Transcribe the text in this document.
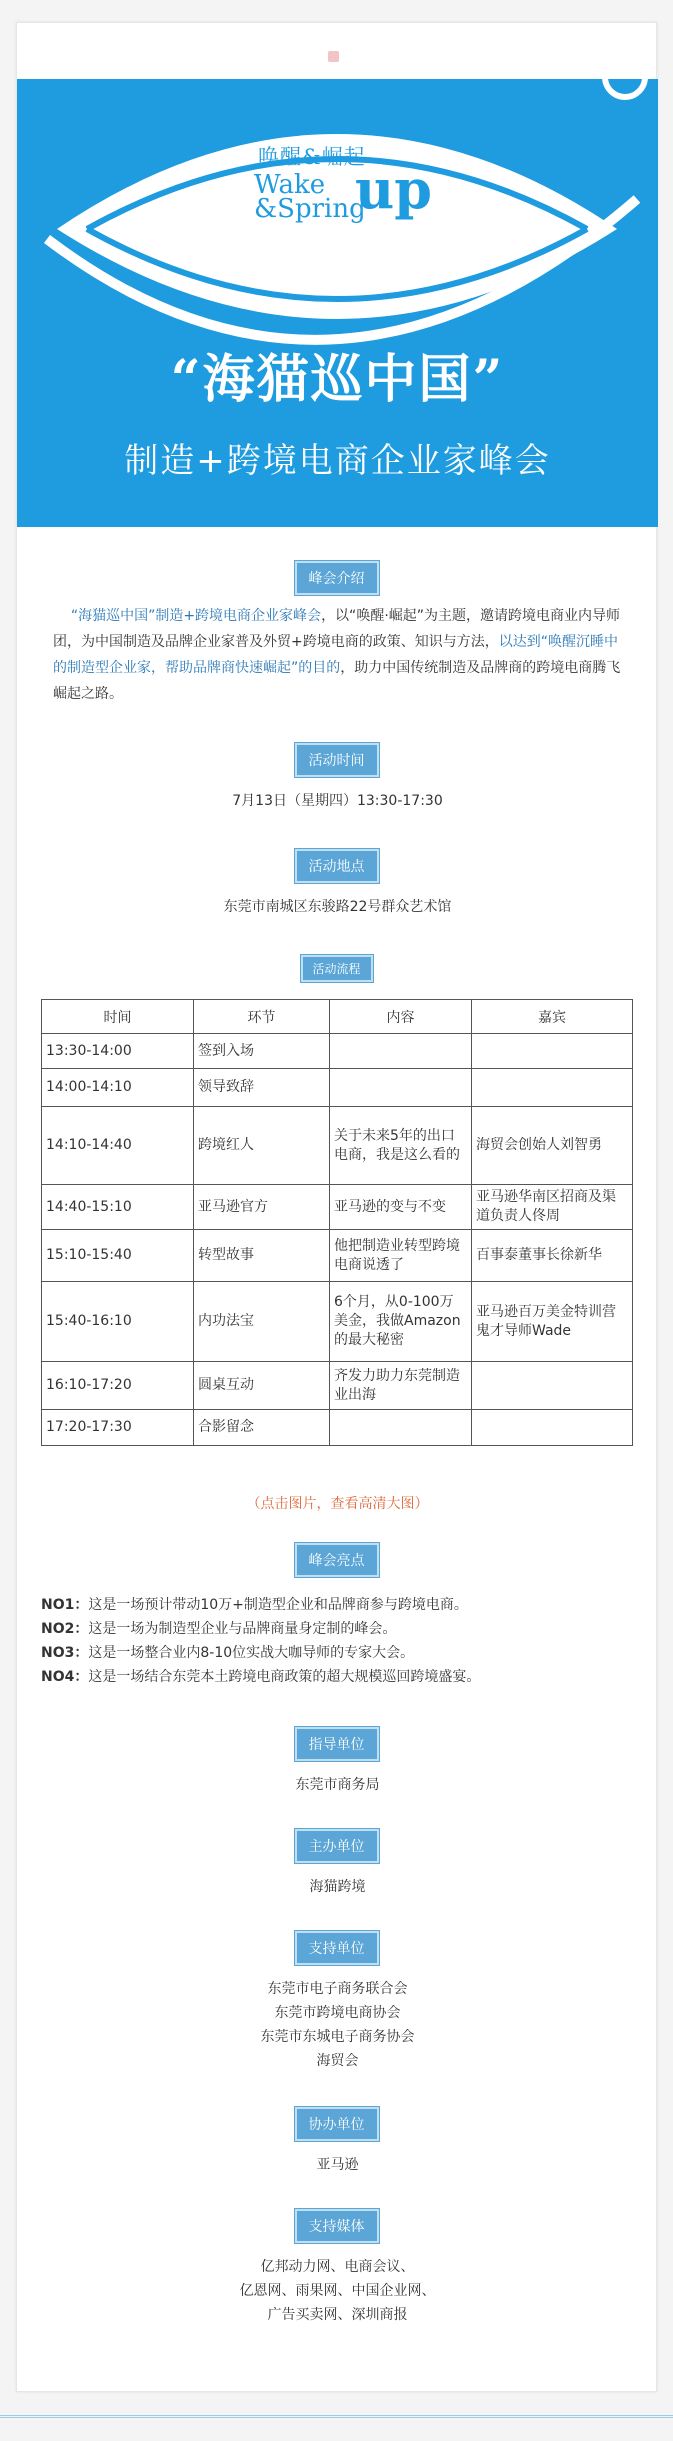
唤醒&崛起
Wake
&Spring
up
“海猫巡中国”
制造+跨境电商企业家峰会
峰会介绍
“海猫巡中国”制造+跨境电商企业家峰会，以“唤醒·崛起”为主题，邀请跨境电商业内导师团，为中国制造及品牌企业家普及外贸+跨境电商的政策、知识与方法，以达到“唤醒沉睡中的制造型企业家，帮助品牌商快速崛起”的目的，助力中国传统制造及品牌商的跨境电商腾飞崛起之路。
活动时间
7月13日（星期四）13:30-17:30
活动地点
东莞市南城区东骏路22号群众艺术馆
活动流程
时间	环节	内容	嘉宾
13:30-14:00	签到入场		
14:00-14:10	领导致辞		
14:10-14:40	跨境红人	关于未来5年的出口电商，我是这么看的	海贸会创始人刘智勇
14:40-15:10	亚马逊官方	亚马逊的变与不变	亚马逊华南区招商及渠道负责人佟周
15:10-15:40	转型故事	他把制造业转型跨境电商说透了	百事泰董事长徐新华
15:40-16:10	内功法宝	6个月，从0-100万美金，我做Amazon的最大秘密	亚马逊百万美金特训营鬼才导师Wade
16:10-17:20	圆桌互动	齐发力助力东莞制造业出海	
17:20-17:30	合影留念		
（点击图片，查看高清大图）
峰会亮点
NO1：这是一场预计带动10万+制造型企业和品牌商参与跨境电商。
NO2：这是一场为制造型企业与品牌商量身定制的峰会。
NO3：这是一场整合业内8-10位实战大咖导师的专家大会。
NO4：这是一场结合东莞本土跨境电商政策的超大规模巡回跨境盛宴。
指导单位
东莞市商务局
主办单位
海猫跨境
支持单位
东莞市电子商务联合会
东莞市跨境电商协会
东莞市东城电子商务协会
海贸会
协办单位
亚马逊
支持媒体
亿邦动力网、电商会议、
亿恩网、雨果网、中国企业网、
广告买卖网、深圳商报
